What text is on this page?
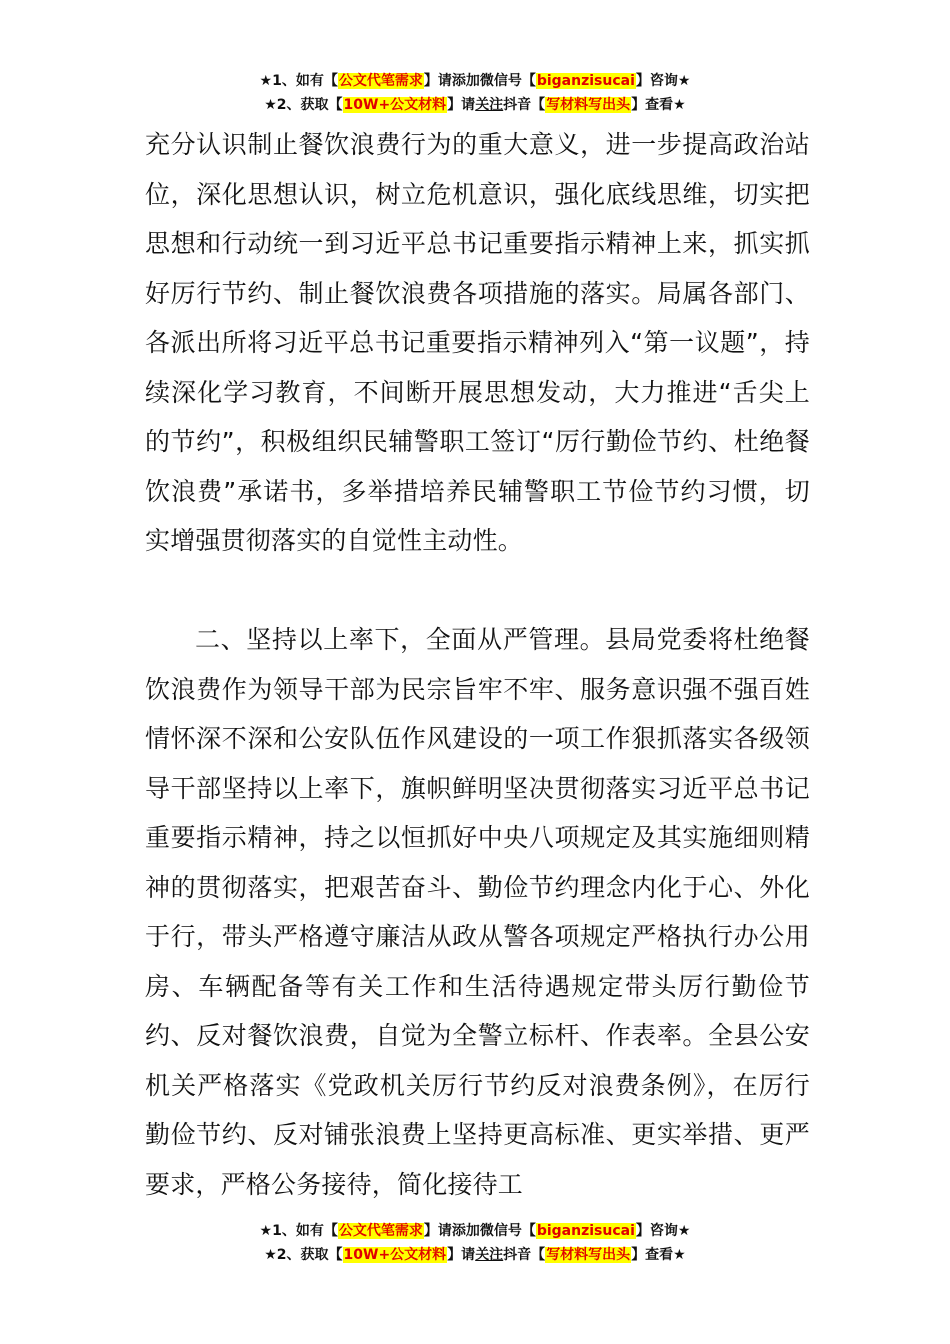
★1、如有【公文代笔需求】请添加微信号【biganzisucai】咨询★
★2、获取【10W+公文材料】请关注抖音【写材料写出头】查看★

充分认识制止餐饮浪费行为的重大意义，进一步提高政治站位，深化思想认识，树立危机意识，强化底线思维，切实把思想和行动统一到习近平总书记重要指示精神上来，抓实抓好厉行节约、制止餐饮浪费各项措施的落实。局属各部门、各派出所将习近平总书记重要指示精神列入“第一议题”，持续深化学习教育，不间断开展思想发动，大力推进“舌尖上的节约”，积极组织民辅警职工签订“厉行勤俭节约、杜绝餐饮浪费”承诺书，多举措培养民辅警职工节俭节约习惯，切实增强贯彻落实的自觉性主动性。

二、坚持以上率下，全面从严管理。县局党委将杜绝餐饮浪费作为领导干部为民宗旨牢不牢、服务意识强不强百姓情怀深不深和公安队伍作风建设的一项工作狠抓落实各级领导干部坚持以上率下，旗帜鲜明坚决贯彻落实习近平总书记重要指示精神，持之以恒抓好中央八项规定及其实施细则精神的贯彻落实，把艰苦奋斗、勤俭节约理念内化于心、外化于行，带头严格遵守廉洁从政从警各项规定严格执行办公用房、车辆配备等有关工作和生活待遇规定带头厉行勤俭节约、反对餐饮浪费，自觉为全警立标杆、作表率。全县公安机关严格落实《党政机关厉行节约反对浪费条例》，在厉行勤俭节约、反对铺张浪费上坚持更高标准、更实举措、更严要求，严格公务接待，简化接待工

★1、如有【公文代笔需求】请添加微信号【biganzisucai】咨询★
★2、获取【10W+公文材料】请关注抖音【写材料写出头】查看★
